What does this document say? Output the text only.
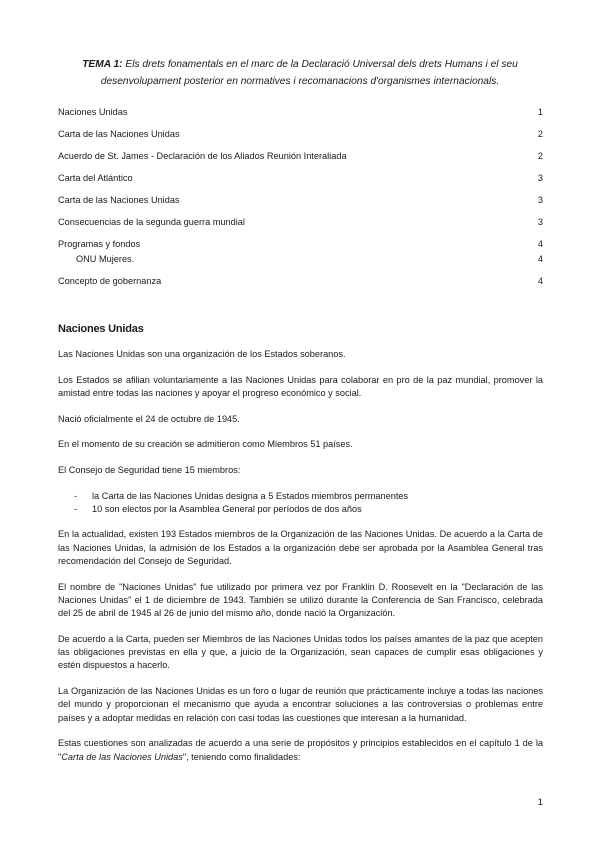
TEMA 1: Els drets fonamentals en el marc de la Declaració Universal dels drets Humans i el seu desenvolupament posterior en normatives i recomanacions d'organismes internacionals.
Naciones Unidas	1
Carta de las Naciones Unidas	2
Acuerdo de St. James - Declaración de los Aliados Reunión Interaliada	2
Carta del Atlántico	3
Carta de las Naciones Unidas	3
Consecuencias de la segunda guerra mundial	3
Programas y fondos	4
ONU Mujeres.	4
Concepto de gobernanza	4
Naciones Unidas

Las Naciones Unidas son una organización de los Estados soberanos.

Los Estados se afilian voluntariamente a las Naciones Unidas para colaborar en pro de la paz mundial, promover la amistad entre todas las naciones y apoyar el progreso económico y social.

Nació oficialmente el 24 de octubre de 1945.

En el momento de su creación se admitieron como Miembros 51 países.

El Consejo de Seguridad tiene 15 miembros:

-	la Carta de las Naciones Unidas designa a 5 Estados miembros permanentes
-	10 son electos por la Asamblea General por períodos de dos años

En la actualidad, existen 193 Estados miembros de la Organización de las Naciones Unidas. De acuerdo a la Carta de las Naciones Unidas, la admisión de los Estados a la organización debe ser aprobada por la Asamblea General tras recomendación del Consejo de Seguridad.

El nombre de "Naciones Unidas" fue utilizado por primera vez por Franklin D. Roosevelt en la "Declaración de las Naciones Unidas" el 1 de diciembre de 1943. También se utilizó durante la Conferencia de San Francisco, celebrada del 25 de abril de 1945 al 26 de junio del mismo año, donde nació la Organización.

De acuerdo a la Carta, pueden ser Miembros de las Naciones Unidas todos los países amantes de la paz que acepten las obligaciones previstas en ella y que, a juicio de la Organización, sean capaces de cumplir esas obligaciones y estén dispuestos a hacerlo.

La Organización de las Naciones Unidas es un foro o lugar de reunión que prácticamente incluye a todas las naciones del mundo y proporcionan el mecanismo que ayuda a encontrar soluciones a las controversias o problemas entre países y a adoptar medidas en relación con casi todas las cuestiones que interesan a la humanidad.

Estas cuestiones son analizadas de acuerdo a una serie de propósitos y principios establecidos en el capítulo 1 de la "Carta de las Naciones Unidas", teniendo como finalidades:

1
